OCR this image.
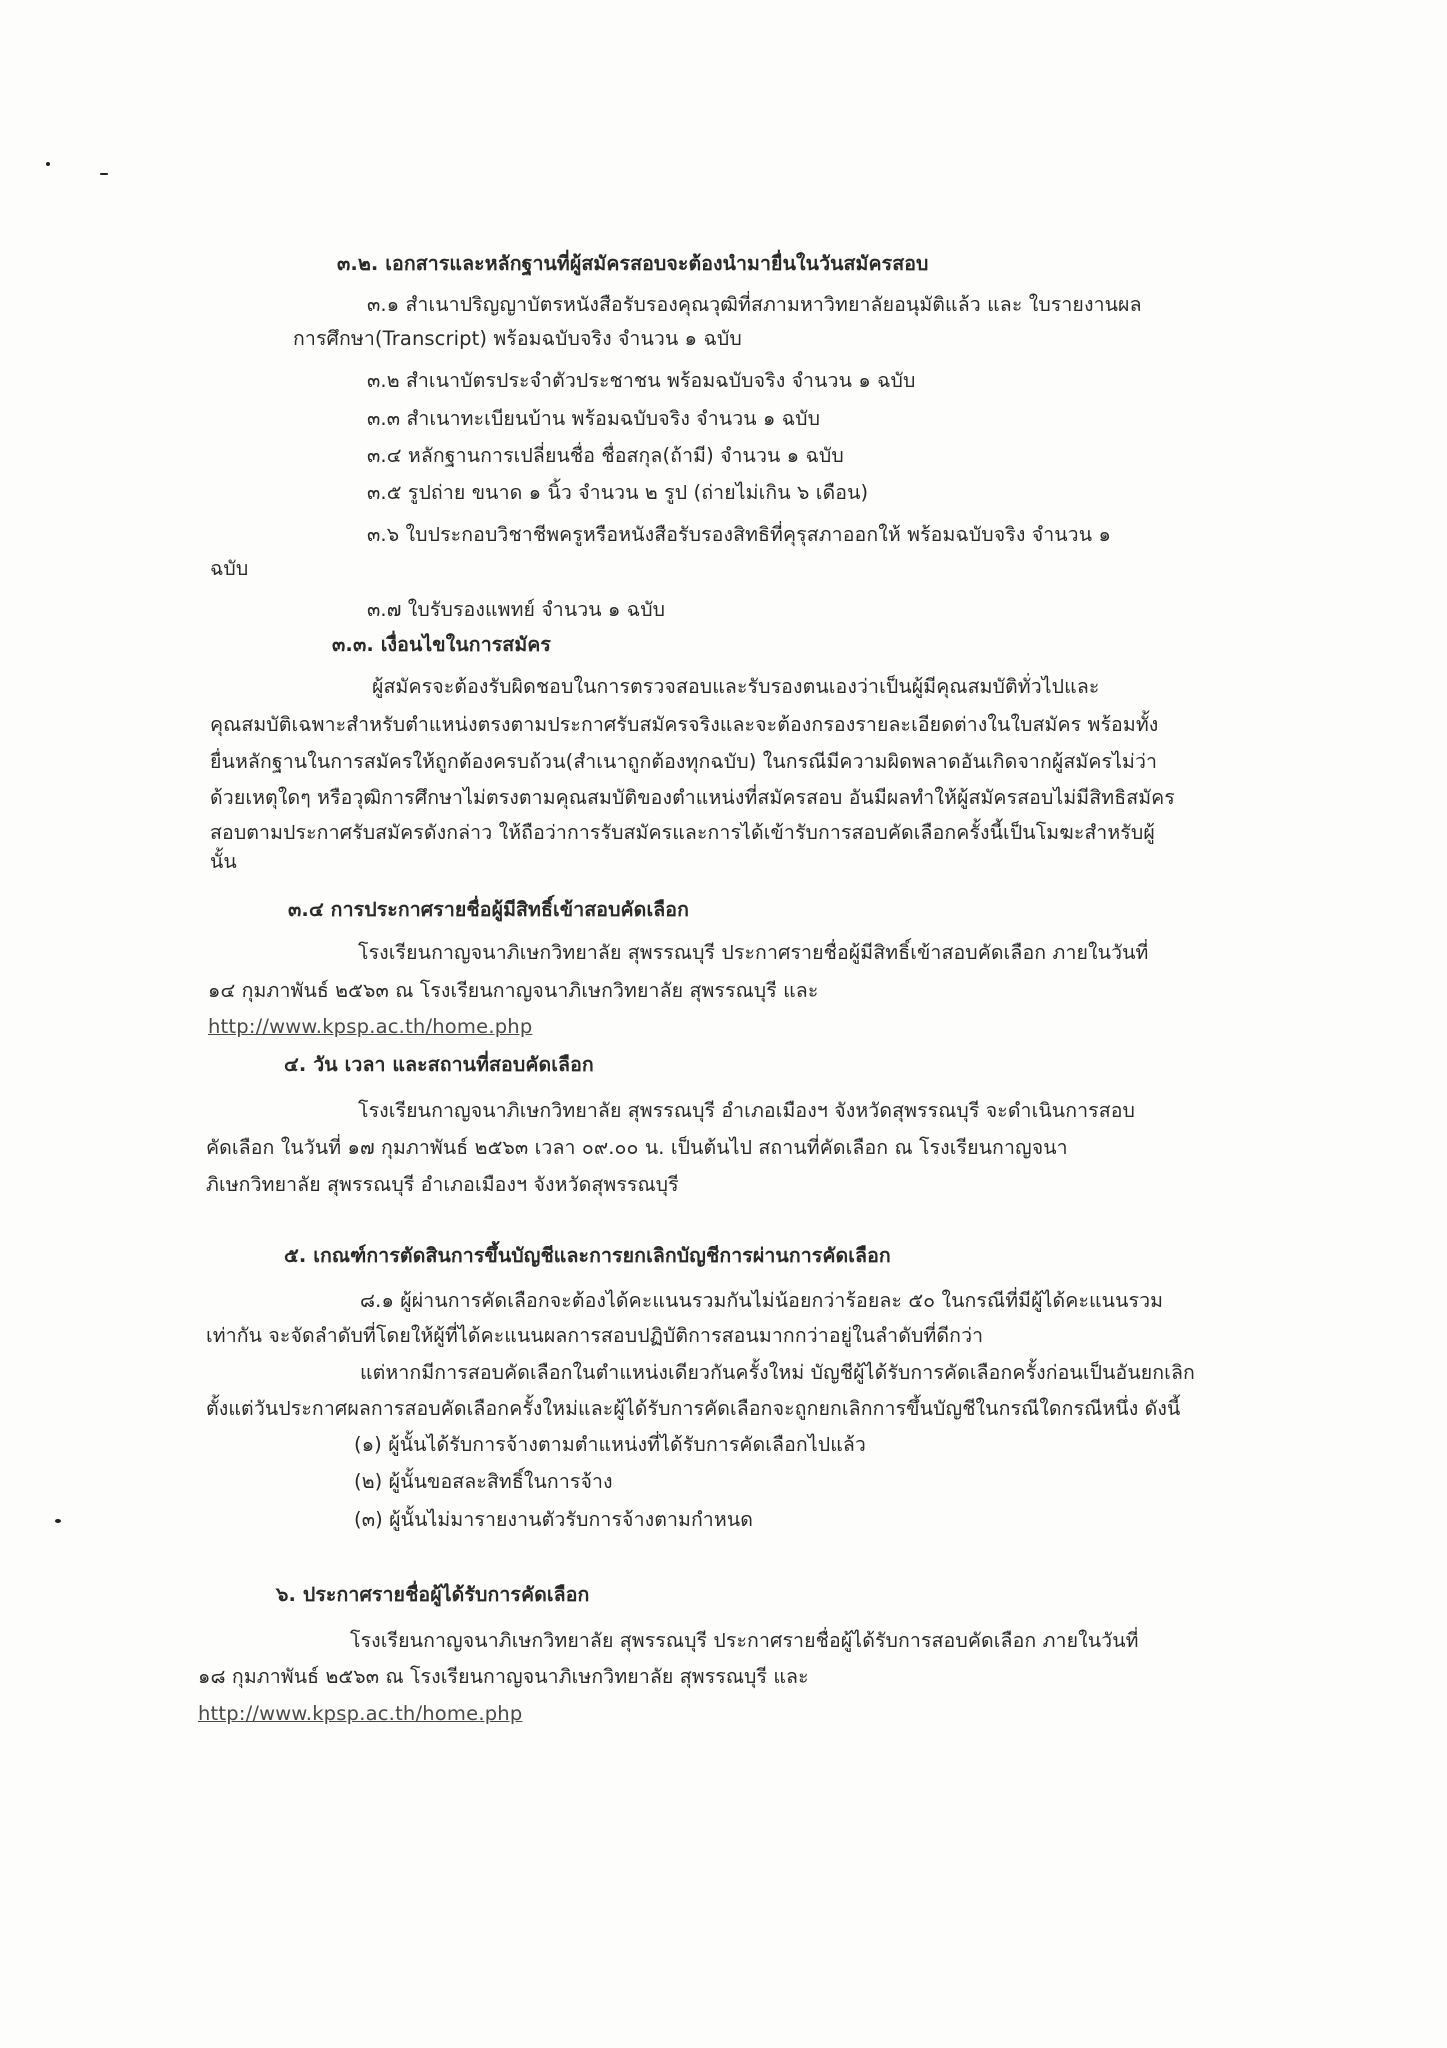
๓.๒. เอกสารและหลักฐานที่ผู้สมัครสอบจะต้องนำมายื่นในวันสมัครสอบ
๓.๑ สำเนาปริญญาบัตรหนังสือรับรองคุณวุฒิที่สภามหาวิทยาลัยอนุมัติแล้ว และ ใบรายงานผล
การศึกษา(Transcript) พร้อมฉบับจริง จำนวน ๑ ฉบับ
๓.๒ สำเนาบัตรประจำตัวประชาชน พร้อมฉบับจริง จำนวน ๑ ฉบับ
๓.๓ สำเนาทะเบียนบ้าน พร้อมฉบับจริง จำนวน ๑ ฉบับ
๓.๔ หลักฐานการเปลี่ยนชื่อ ชื่อสกุล(ถ้ามี) จำนวน ๑ ฉบับ
๓.๕ รูปถ่าย ขนาด ๑ นิ้ว จำนวน ๒ รูป (ถ่ายไม่เกิน ๖ เดือน)
๓.๖ ใบประกอบวิชาชีพครูหรือหนังสือรับรองสิทธิที่คุรุสภาออกให้ พร้อมฉบับจริง จำนวน ๑
ฉบับ
๓.๗ ใบรับรองแพทย์ จำนวน ๑ ฉบับ
๓.๓. เงื่อนไขในการสมัคร
ผู้สมัครจะต้องรับผิดชอบในการตรวจสอบและรับรองตนเองว่าเป็นผู้มีคุณสมบัติทั่วไปและ
คุณสมบัติเฉพาะสำหรับตำแหน่งตรงตามประกาศรับสมัครจริงและจะต้องกรองรายละเอียดต่างในใบสมัคร พร้อมทั้ง
ยื่นหลักฐานในการสมัครให้ถูกต้องครบถ้วน(สำเนาถูกต้องทุกฉบับ) ในกรณีมีความผิดพลาดอันเกิดจากผู้สมัครไม่ว่า
ด้วยเหตุใดๆ หรือวุฒิการศึกษาไม่ตรงตามคุณสมบัติของตำแหน่งที่สมัครสอบ อันมีผลทำให้ผู้สมัครสอบไม่มีสิทธิสมัคร
สอบตามประกาศรับสมัครดังกล่าว ให้ถือว่าการรับสมัครและการได้เข้ารับการสอบคัดเลือกครั้งนี้เป็นโมฆะสำหรับผู้
นั้น
๓.๔ การประกาศรายชื่อผู้มีสิทธิ์เข้าสอบคัดเลือก
โรงเรียนกาญจนาภิเษกวิทยาลัย สุพรรณบุรี ประกาศรายชื่อผู้มีสิทธิ์เข้าสอบคัดเลือก ภายในวันที่
๑๔ กุมภาพันธ์ ๒๕๖๓ ณ โรงเรียนกาญจนาภิเษกวิทยาลัย สุพรรณบุรี และ
http://www.kpsp.ac.th/home.php
๔. วัน เวลา และสถานที่สอบคัดเลือก
โรงเรียนกาญจนาภิเษกวิทยาลัย สุพรรณบุรี อำเภอเมืองฯ จังหวัดสุพรรณบุรี จะดำเนินการสอบ
คัดเลือก ในวันที่ ๑๗ กุมภาพันธ์ ๒๕๖๓ เวลา ๐๙.๐๐ น. เป็นต้นไป สถานที่คัดเลือก ณ โรงเรียนกาญจนา
ภิเษกวิทยาลัย สุพรรณบุรี อำเภอเมืองฯ จังหวัดสุพรรณบุรี
๕. เกณฑ์การตัดสินการขึ้นบัญชีและการยกเลิกบัญชีการผ่านการคัดเลือก
๘.๑ ผู้ผ่านการคัดเลือกจะต้องได้คะแนนรวมกันไม่น้อยกว่าร้อยละ ๕๐ ในกรณีที่มีผู้ได้คะแนนรวม
เท่ากัน จะจัดลำดับที่โดยให้ผู้ที่ได้คะแนนผลการสอบปฏิบัติการสอนมากกว่าอยู่ในลำดับที่ดีกว่า
แต่หากมีการสอบคัดเลือกในตำแหน่งเดียวกันครั้งใหม่ บัญชีผู้ได้รับการคัดเลือกครั้งก่อนเป็นอันยกเลิก
ตั้งแต่วันประกาศผลการสอบคัดเลือกครั้งใหม่และผู้ได้รับการคัดเลือกจะถูกยกเลิกการขึ้นบัญชีในกรณีใดกรณีหนึ่ง ดังนี้
(๑) ผู้นั้นได้รับการจ้างตามตำแหน่งที่ได้รับการคัดเลือกไปแล้ว
(๒) ผู้นั้นขอสละสิทธิ์ในการจ้าง
(๓) ผู้นั้นไม่มารายงานตัวรับการจ้างตามกำหนด
๖. ประกาศรายชื่อผู้ได้รับการคัดเลือก
โรงเรียนกาญจนาภิเษกวิทยาลัย สุพรรณบุรี ประกาศรายชื่อผู้ได้รับการสอบคัดเลือก ภายในวันที่
๑๘ กุมภาพันธ์ ๒๕๖๓ ณ โรงเรียนกาญจนาภิเษกวิทยาลัย สุพรรณบุรี และ
http://www.kpsp.ac.th/home.php
